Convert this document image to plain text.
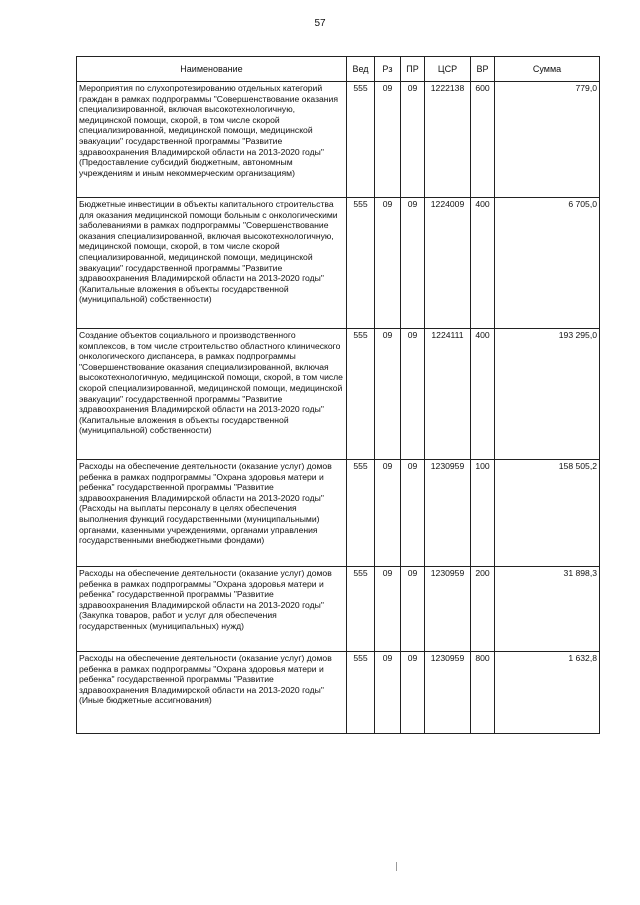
57
Наименование	Вед	Рз	ПР	ЦСР	ВР	Сумма
Мероприятия по слухопротезированию отдельных категорий граждан в рамках подпрограммы "Совершенствование оказания специализированной, включая высокотехнологичную, медицинской помощи, скорой, в том числе скорой специализированной, медицинской помощи, медицинской эвакуации" государственной программы "Развитие здравоохранения Владимирской области на 2013-2020 годы" (Предоставление субсидий бюджетным, автономным учреждениям и иным некоммерческим организациям)	555	09	09	1222138	600	779,0
Бюджетные инвестиции в объекты капитального строительства для оказания медицинской помощи больным с онкологическими заболеваниями в рамках подпрограммы "Совершенствование оказания специализированной, включая высокотехнологичную, медицинской помощи, скорой, в том числе скорой специализированной, медицинской помощи, медицинской эвакуации" государственной программы "Развитие здравоохранения Владимирской области на 2013-2020 годы" (Капитальные вложения в объекты государственной (муниципальной) собственности)	555	09	09	1224009	400	6 705,0
Создание объектов социального и производственного комплексов, в том числе строительство областного клинического онкологического диспансера, в рамках подпрограммы "Совершенствование оказания специализированной, включая высокотехнологичную, медицинской помощи, скорой, в том числе скорой специализированной, медицинской помощи, медицинской эвакуации" государственной программы "Развитие здравоохранения Владимирской области на 2013-2020 годы" (Капитальные вложения в объекты государственной (муниципальной) собственности)	555	09	09	1224111	400	193 295,0
Расходы на обеспечение деятельности (оказание услуг) домов ребенка в рамках подпрограммы "Охрана здоровья матери и ребенка" государственной программы "Развитие здравоохранения Владимирской области на 2013-2020 годы" (Расходы на выплаты персоналу в целях обеспечения выполнения функций государственными (муниципальными) органами, казенными учреждениями, органами управления государственными внебюджетными фондами)	555	09	09	1230959	100	158 505,2
Расходы на обеспечение деятельности (оказание услуг) домов ребенка в рамках подпрограммы "Охрана здоровья матери и ребенка" государственной программы "Развитие здравоохранения Владимирской области на 2013-2020 годы" (Закупка товаров, работ и услуг для обеспечения государственных (муниципальных) нужд)	555	09	09	1230959	200	31 898,3
Расходы на обеспечение деятельности (оказание услуг) домов ребенка в рамках подпрограммы "Охрана здоровья матери и ребенка" государственной программы "Развитие здравоохранения Владимирской области на 2013-2020 годы" (Иные бюджетные ассигнования)	555	09	09	1230959	800	1 632,8
